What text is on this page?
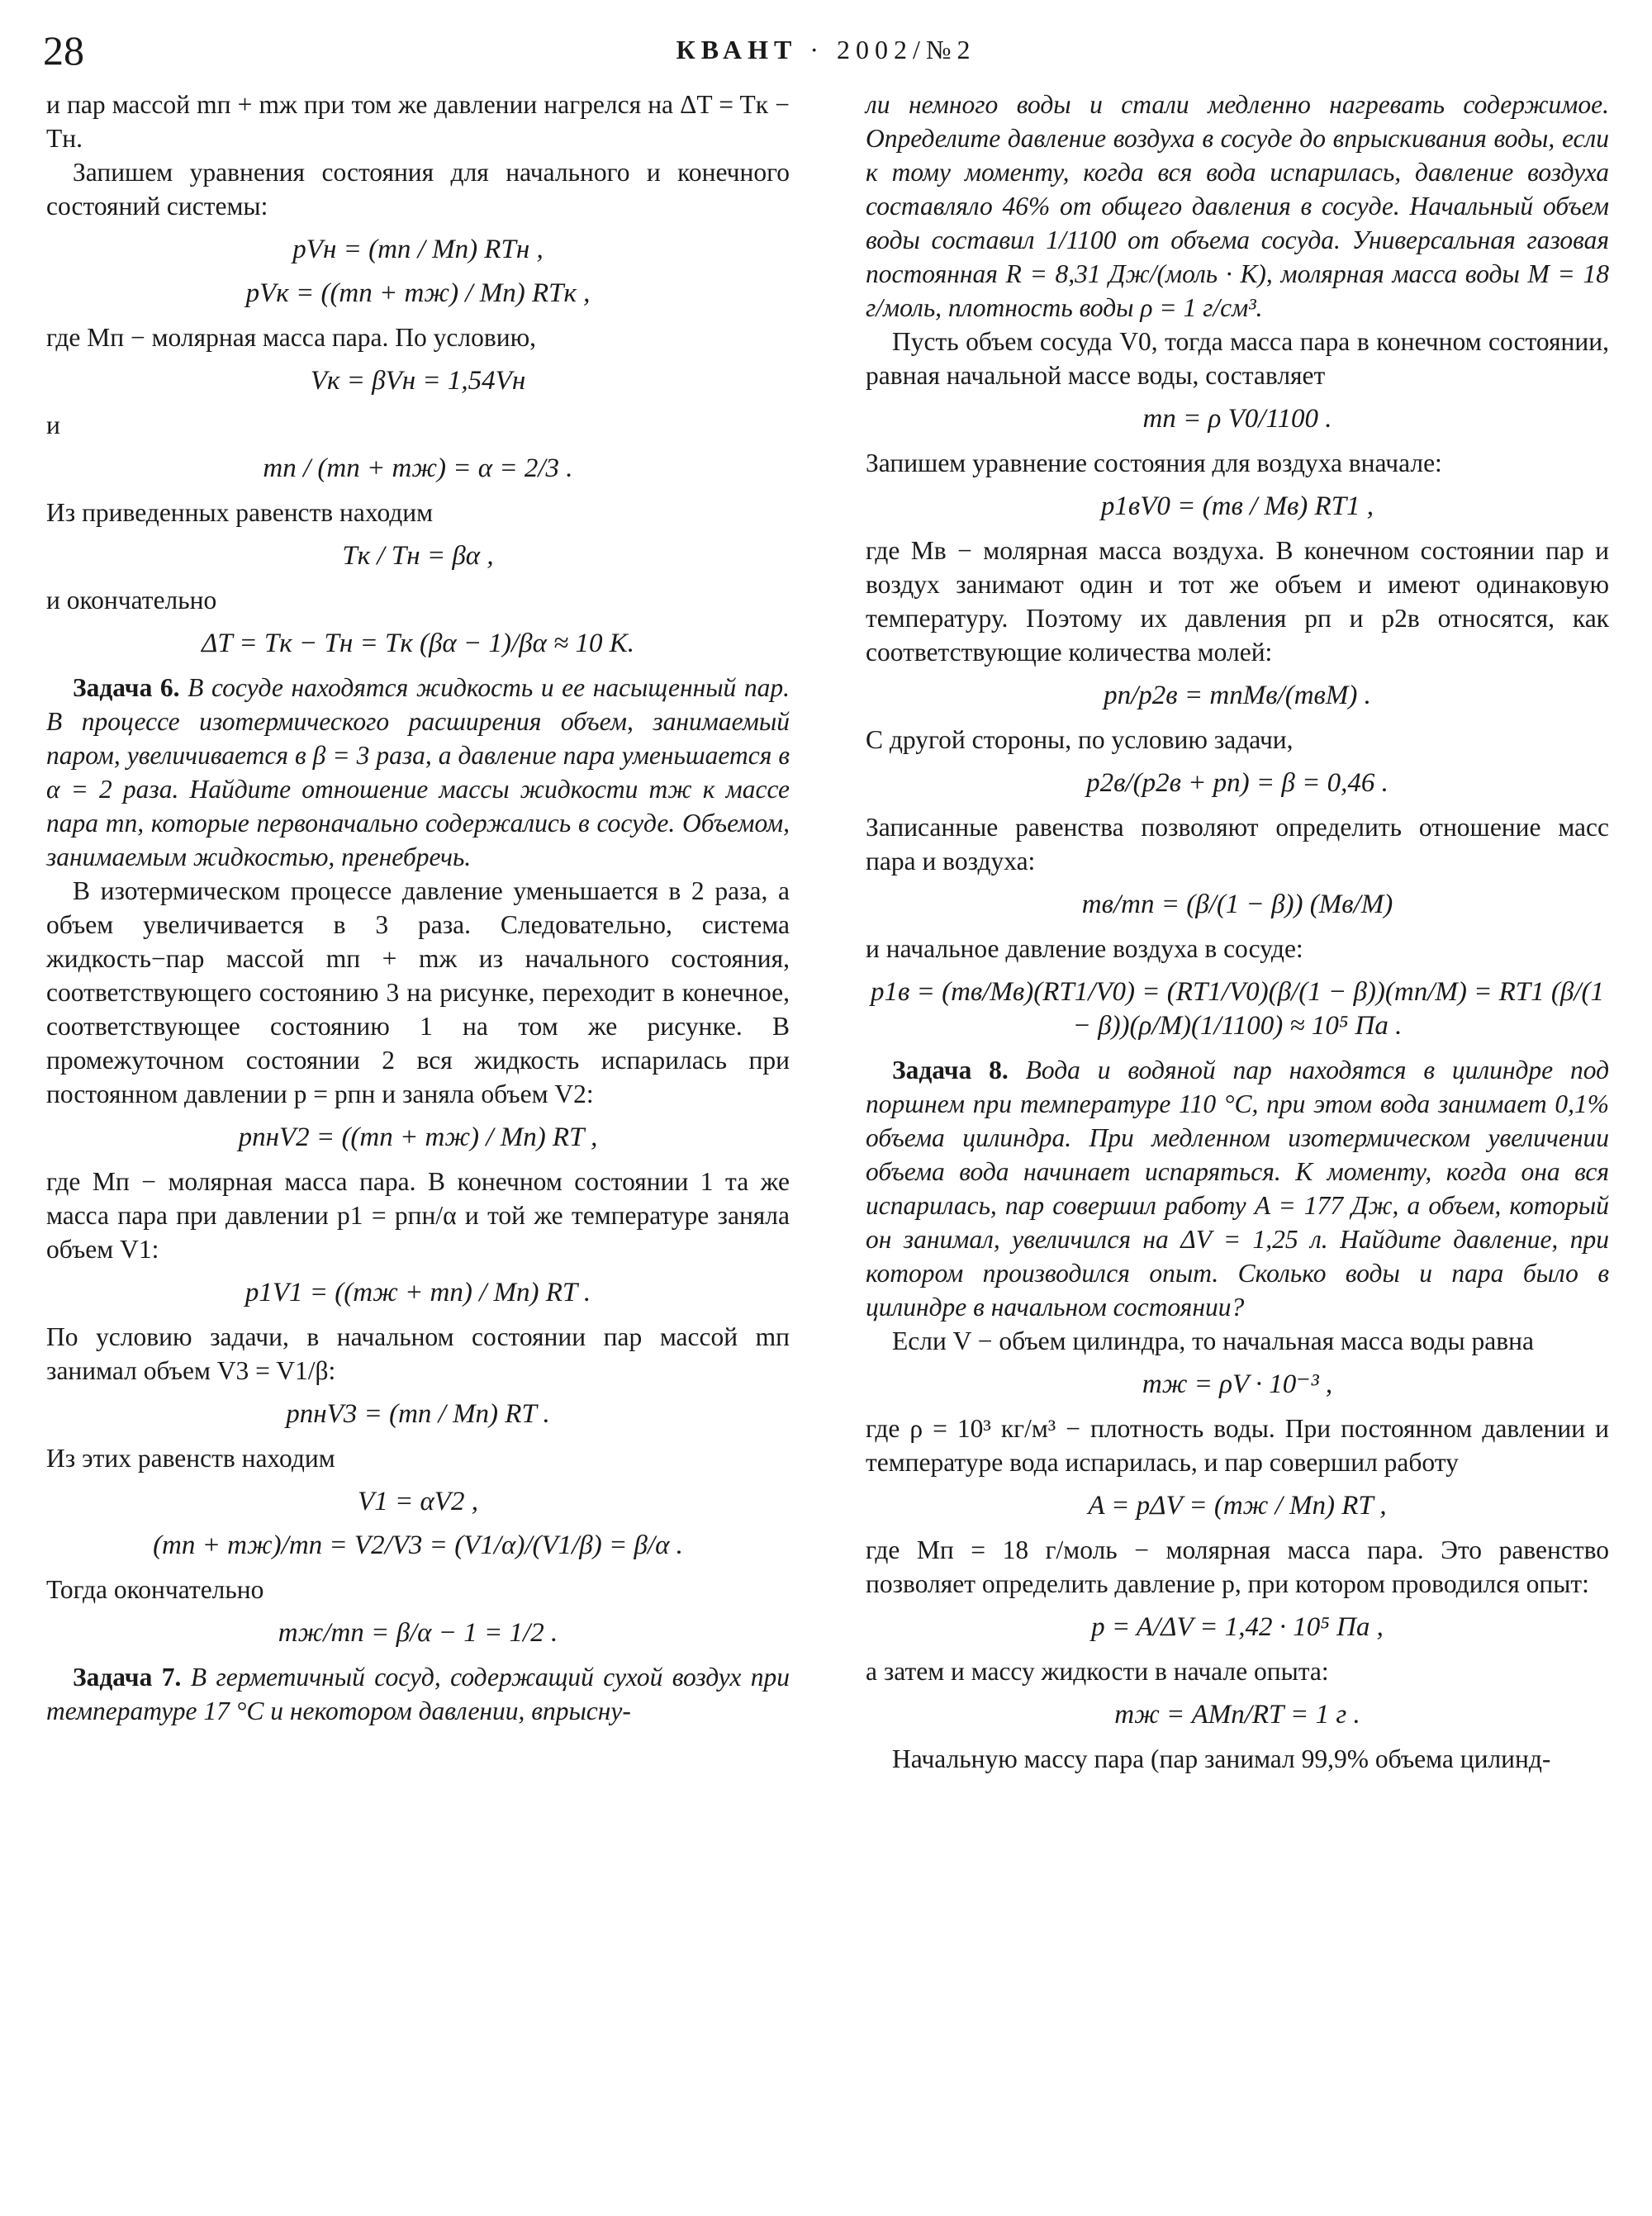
28	КВАНТ · 2002/№2

и пар массой mп + mж при том же давлении нагрелся на ΔT = Tк − Tн.

Запишем уравнения состояния для начального и конечного состояний системы:

pVн = (mп / Mп) RTн ,
pVк = ((mп + mж) / Mп) RTк ,

где Mп − молярная масса пара. По условию,

Vк = βVн = 1,54Vн

и

mп / (mп + mж) = α = 2/3 .

Из приведенных равенств находим

Tк / Tн = βα ,

и окончательно

ΔT = Tк − Tн = Tк (βα − 1)/βα ≈ 10 К.

Задача 6. В сосуде находятся жидкость и ее насыщенный пар. В процессе изотермического расширения объем, занимаемый паром, увеличивается в β = 3 раза, а давление пара уменьшается в α = 2 раза. Найдите отношение массы жидкости mж к массе пара mп, которые первоначально содержались в сосуде. Объемом, занимаемым жидкостью, пренебречь.

В изотермическом процессе давление уменьшается в 2 раза, а объем увеличивается в 3 раза. Следовательно, система жидкость−пар массой mп + mж из начального состояния, соответствующего состоянию 3 на рисунке, переходит в конечное, соответствующее состоянию 1 на том же рисунке. В промежуточном состоянии 2 вся жидкость испарилась при постоянном давлении p = pпн и заняла объем V2:

pпнV2 = ((mп + mж) / Mп) RT ,

где Mп − молярная масса пара. В конечном состоянии 1 та же масса пара при давлении p1 = pпн/α и той же температуре заняла объем V1:

p1V1 = ((mж + mп) / Mп) RT .

По условию задачи, в начальном состоянии пар массой mп занимал объем V3 = V1/β:

pпнV3 = (mп / Mп) RT .

Из этих равенств находим

V1 = αV2 ,
(mп + mж)/mп = V2/V3 = (V1/α)/(V1/β) = β/α .

Тогда окончательно

mж/mп = β/α − 1 = 1/2 .

Задача 7. В герметичный сосуд, содержащий сухой воздух при температуре 17 °С и некотором давлении, впрысну-

ли немного воды и стали медленно нагревать содержимое. Определите давление воздуха в сосуде до впрыскивания воды, если к тому моменту, когда вся вода испарилась, давление воздуха составляло 46% от общего давления в сосуде. Начальный объем воды составил 1/1100 от объема сосуда. Универсальная газовая постоянная R = 8,31 Дж/(моль · К), молярная масса воды M = 18 г/моль, плотность воды ρ = 1 г/см³.

Пусть объем сосуда V0, тогда масса пара в конечном состоянии, равная начальной массе воды, составляет

mп = ρ V0/1100 .

Запишем уравнение состояния для воздуха вначале:

p1вV0 = (mв / Mв) RT1 ,

где Mв − молярная масса воздуха. В конечном состоянии пар и воздух занимают один и тот же объем и имеют одинаковую температуру. Поэтому их давления pп и p2в относятся, как соответствующие количества молей:

pп/p2в = mпMв/(mвM) .

С другой стороны, по условию задачи,

p2в/(p2в + pп) = β = 0,46 .

Записанные равенства позволяют определить отношение масс пара и воздуха:

mв/mп = (β/(1 − β)) (Mв/M)

и начальное давление воздуха в сосуде:

p1в = (mв/Mв)(RT1/V0) = (RT1/V0)(β/(1 − β))(mп/M) = RT1 (β/(1 − β))(ρ/M)(1/1100) ≈ 10⁵ Па .

Задача 8. Вода и водяной пар находятся в цилиндре под поршнем при температуре 110 °С, при этом вода занимает 0,1% объема цилиндра. При медленном изотермическом увеличении объема вода начинает испаряться. К моменту, когда она вся испарилась, пар совершил работу A = 177 Дж, а объем, который он занимал, увеличился на ΔV = 1,25 л. Найдите давление, при котором производился опыт. Сколько воды и пара было в цилиндре в начальном состоянии?

Если V − объем цилиндра, то начальная масса воды равна

mж = ρV · 10⁻³ ,

где ρ = 10³ кг/м³ − плотность воды. При постоянном давлении и температуре вода испарилась, и пар совершил работу

A = pΔV = (mж / Mп) RT ,

где Mп = 18 г/моль − молярная масса пара. Это равенство позволяет определить давление p, при котором проводился опыт:

p = A/ΔV = 1,42 · 10⁵ Па ,

а затем и массу жидкости в начале опыта:

mж = AMп/RT = 1 г .

Начальную массу пара (пар занимал 99,9% объема цилинд-
